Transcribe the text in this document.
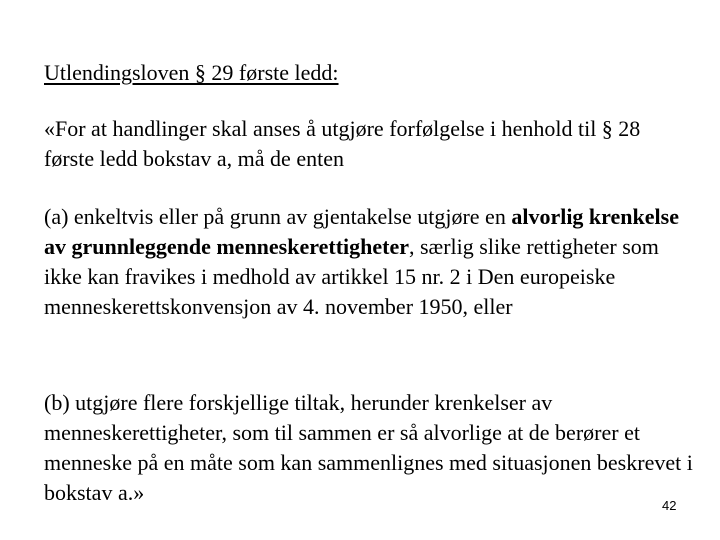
Utlendingsloven § 29 første ledd:
«For at handlinger skal anses å utgjøre forfølgelse i henhold til § 28 første ledd bokstav a, må de enten
(a) enkeltvis eller på grunn av gjentakelse utgjøre en alvorlig krenkelse av grunnleggende menneskerettigheter, særlig slike rettigheter som ikke kan fravikes i medhold av artikkel 15 nr. 2 i Den europeiske menneskerettskonvensjon av 4. november 1950, eller
(b) utgjøre flere forskjellige tiltak, herunder krenkelser av menneskerettigheter, som til sammen er så alvorlige at de berører et menneske på en måte som kan sammenlignes med situasjonen beskrevet i bokstav a.»
42
